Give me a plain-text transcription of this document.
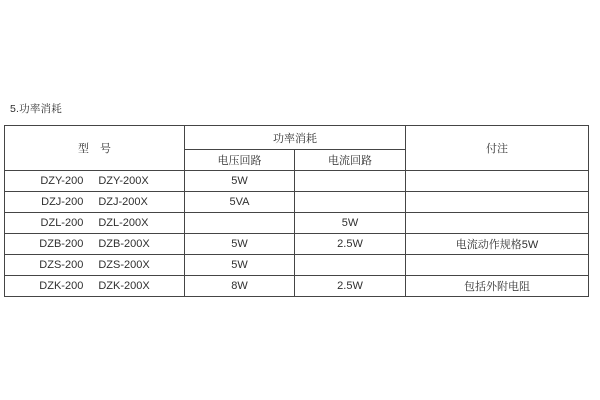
5.功率消耗
型　号	功率消耗		付注
	电压回路	电流回路	

DZY-200 DZY-200X	5W		

DZJ-200 DZJ-200X	5VA		

DZL-200 DZL-200X		5W	

DZB-200 DZB-200X	5W	2.5W	电流动作规格5W

DZS-200 DZS-200X	5W		

DZK-200 DZK-200X	8W	2.5W	包括外附电阻
